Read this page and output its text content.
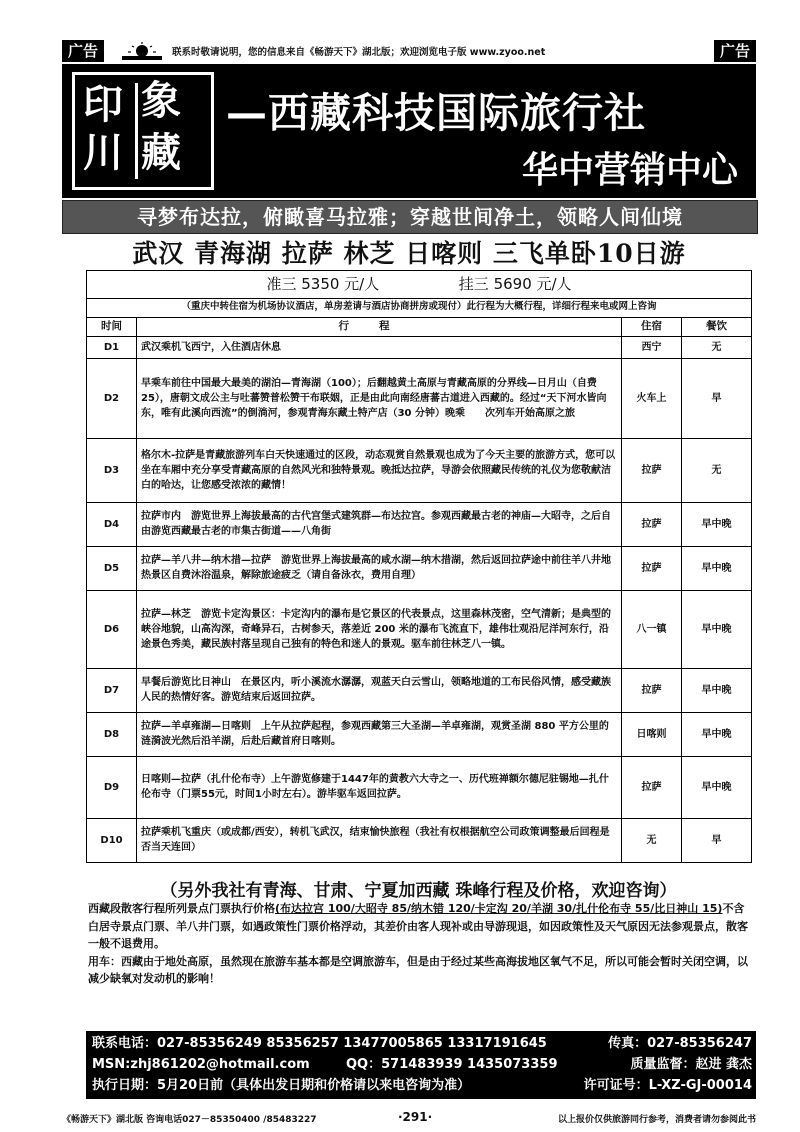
广告	联系时敬请说明，您的信息来自《畅游天下》湖北版；欢迎浏览电子版 www.zyoo.net	广告
印 象
川 藏
—西藏科技国际旅行社
华中营销中心
寻梦布达拉，俯瞰喜马拉雅；穿越世间净土，领略人间仙境
武汉 青海湖 拉萨 林芝 日喀则 三飞单卧10日游
准三 5350 元/人 挂三 5690 元/人			
（重庆中转住宿为机场协议酒店，单房差请与酒店协商拼房或现付）此行程为大概行程，详细行程来电或网上咨询			
时间	行程	住宿	餐饮
D1	武汉乘机飞西宁，入住酒店休息	西宁	无
D2	早乘车前往中国最大最美的湖泊—青海湖（100）；后翻越黄土高原与青藏高原的分界线—日月山（自费 25），唐朝文成公主与吐蕃赞普松赞干布联姻，正是由此向南经唐蕃古道进入西藏的。经过“天下河水皆向东，唯有此溪向西流”的倒淌河，参观青海东藏土特产店（30 分钟）晚乘　　次列车开始高原之旅	火车上	早
D3	格尔木-拉萨是青藏旅游列车白天快速通过的区段，动态观赏自然景观也成为了今天主要的旅游方式，您可以坐在车厢中充分享受青藏高原的自然风光和独特景观。晚抵达拉萨，导游会依照藏民传统的礼仪为您敬献洁白的哈达，让您感受浓浓的藏情！	拉萨	无
D4	拉萨市内　游览世界上海拔最高的古代宫堡式建筑群—布达拉宫。参观西藏最古老的神庙—大昭寺，之后自由游览西藏最古老的市集古街道——八角街	拉萨	早中晚
D5	拉萨—羊八井—纳木措—拉萨　游览世界上海拔最高的咸水湖—纳木措湖，然后返回拉萨途中前往羊八井地热景区自费沐浴温泉，解除旅途疲乏（请自备泳衣，费用自理）	拉萨	早中晚
D6	拉萨—林芝　游览卡定沟景区：卡定沟内的瀑布是它景区的代表景点，这里森林茂密，空气清新；是典型的峡谷地貌，山高沟深，奇峰异石，古树参天，落差近 200 米的瀑布飞流直下，雄伟壮观沿尼洋河东行，沿途景色秀美，藏民族村落呈现自己独有的特色和迷人的景观。驱车前往林芝八一镇。	八一镇	早中晚
D7	早餐后游览比日神山　在景区内，听小溪流水潺潺，观蓝天白云雪山，领略地道的工布民俗风情，感受藏族人民的热情好客。游览结束后返回拉萨。	拉萨	早中晚
D8	拉萨—羊卓雍湖—日喀则　上午从拉萨起程，参观西藏第三大圣湖—羊卓雍湖，观赏圣湖 880 平方公里的涟漪波光然后沿羊湖，后赴后藏首府日喀则。	日喀则	早中晚
D9	日喀则—拉萨（扎什伦布寺）上午游览修建于1447年的黄教六大寺之一、历代班禅额尔德尼驻锡地—扎什伦布寺（门票55元，时间1小时左右）。游毕驱车返回拉萨。	拉萨	早中晚
D10	拉萨乘机飞重庆（或成都/西安），转机飞武汉，结束愉快旅程（我社有权根据航空公司政策调整最后回程是否当天连回）	无	早
（另外我社有青海、甘肃、宁夏加西藏 珠峰行程及价格，欢迎咨询）

西藏段散客行程所列景点门票执行价格(布达拉宫 100/大昭寺 85/纳木错 120/卡定沟 20/羊湖 30/扎什伦布寺 55/比日神山 15)不含白居寺景点门票、羊八井门票，如遇政策性门票价格浮动，其差价由客人现补或由导游现退，如因政策性及天气原因无法参观景点，散客一般不退费用。

用车：西藏由于地处高原，虽然现在旅游车基本都是空调旅游车，但是由于经过某些高海拔地区氧气不足，所以可能会暂时关闭空调，以减少缺氧对发动机的影响！

联系电话：027-85356249 85356257 13477005865 13317191645	传真：027-85356247
MSN:zhj861202@hotmail.com	QQ：571483939 1435073359	质量监督：赵进 龚杰
执行日期：5月20日前（具体出发日期和价格请以来电咨询为准）	许可证号：L-XZ-GJ-00014
《畅游天下》湖北版 咨询电话027－85350400 /85483227	·291·	以上报价仅供旅游同行参考，消费者请勿参阅此书
